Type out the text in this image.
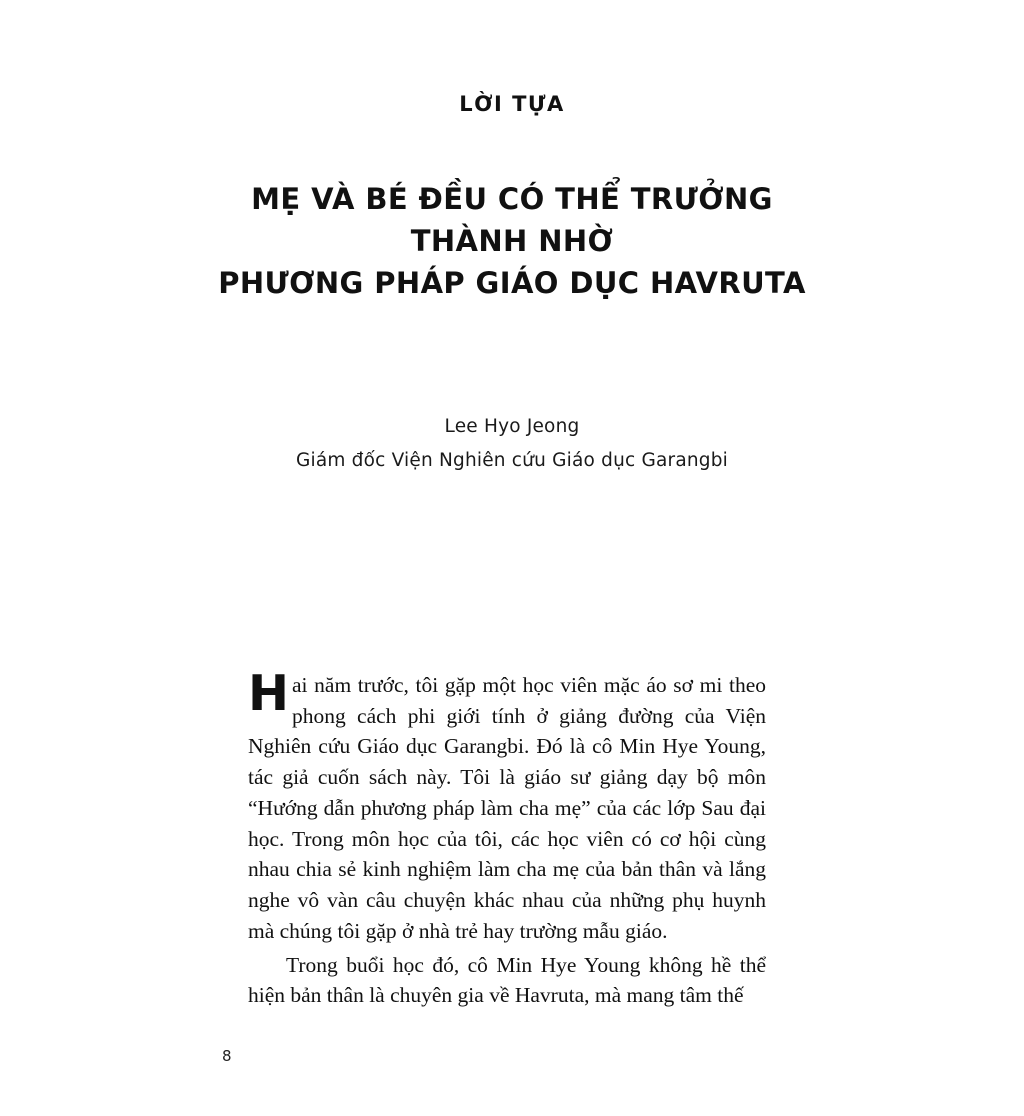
LỜI TỰA
MẸ VÀ BÉ ĐỀU CÓ THỂ TRƯỞNG THÀNH NHỜ
PHƯƠNG PHÁP GIÁO DỤC HAVRUTA
Lee Hyo Jeong
Giám đốc Viện Nghiên cứu Giáo dục Garangbi

Hai năm trước, tôi gặp một học viên mặc áo sơ mi theo phong cách phi giới tính ở giảng đường của Viện Nghiên cứu Giáo dục Garangbi. Đó là cô Min Hye Young, tác giả cuốn sách này. Tôi là giáo sư giảng dạy bộ môn “Hướng dẫn phương pháp làm cha mẹ” của các lớp Sau đại học. Trong môn học của tôi, các học viên có cơ hội cùng nhau chia sẻ kinh nghiệm làm cha mẹ của bản thân và lắng nghe vô vàn câu chuyện khác nhau của những phụ huynh mà chúng tôi gặp ở nhà trẻ hay trường mẫu giáo.

Trong buổi học đó, cô Min Hye Young không hề thể hiện bản thân là chuyên gia về Havruta, mà mang tâm thế

8
